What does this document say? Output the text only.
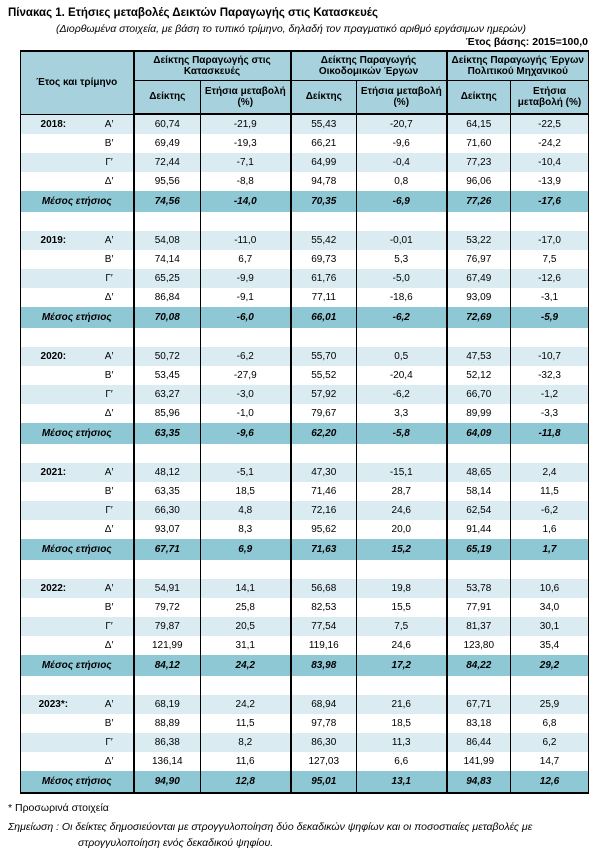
Πίνακας 1. Ετήσιες μεταβολές Δεικτών Παραγωγής στις Κατασκευές
(Διορθωμένα στοιχεία, με βάση το τυπικό τρίμηνο, δηλαδή τον πραγματικό αριθμό εργάσιμων ημερών)
Έτος βάσης: 2015=100,0
Έτος και τρίμηνο	Δείκτης Παραγωγής στις Κατασκευές		Δείκτης Παραγωγής Οικοδομικών Έργων		Δείκτης Παραγωγής Έργων Πολιτικού Μηχανικού	
	Δείκτης	Ετήσια μεταβολή (%)	Δείκτης	Ετήσια μεταβολή (%)	Δείκτης	Ετήσια μεταβολή (%)

2018: Α′	60,74	-21,9	55,43	-20,7	64,15	-22,5

Β′	69,49	-19,3	66,21	-9,6	71,60	-24,2

Γ′	72,44	-7,1	64,99	-0,4	77,23	-10,4

Δ′	95,56	-8,8	94,78	0,8	96,06	-13,9
Μέσος ετήσιος	74,56	-14,0	70,35	-6,9	77,26	-17,6

2019: Α′	54,08	-11,0	55,42	-0,01	53,22	-17,0

Β′	74,14	6,7	69,73	5,3	76,97	7,5

Γ′	65,25	-9,9	61,76	-5,0	67,49	-12,6

Δ′	86,84	-9,1	77,11	-18,6	93,09	-3,1
Μέσος ετήσιος	70,08	-6,0	66,01	-6,2	72,69	-5,9

2020: Α′	50,72	-6,2	55,70	0,5	47,53	-10,7

Β′	53,45	-27,9	55,52	-20,4	52,12	-32,3

Γ′	63,27	-3,0	57,92	-6,2	66,70	-1,2

Δ′	85,96	-1,0	79,67	3,3	89,99	-3,3
Μέσος ετήσιος	63,35	-9,6	62,20	-5,8	64,09	-11,8

2021: Α′	48,12	-5,1	47,30	-15,1	48,65	2,4

Β′	63,35	18,5	71,46	28,7	58,14	11,5

Γ′	66,30	4,8	72,16	24,6	62,54	-6,2

Δ′	93,07	8,3	95,62	20,0	91,44	1,6
Μέσος ετήσιος	67,71	6,9	71,63	15,2	65,19	1,7

2022: Α′	54,91	14,1	56,68	19,8	53,78	10,6

Β′	79,72	25,8	82,53	15,5	77,91	34,0

Γ′	79,87	20,5	77,54	7,5	81,37	30,1

Δ′	121,99	31,1	119,16	24,6	123,80	35,4
Μέσος ετήσιος	84,12	24,2	83,98	17,2	84,22	29,2

2023*: Α′	68,19	24,2	68,94	21,6	67,71	25,9

Β′	88,89	11,5	97,78	18,5	83,18	6,8

Γ′	86,38	8,2	86,30	11,3	86,44	6,2

Δ′	136,14	11,6	127,03	6,6	141,99	14,7
Μέσος ετήσιος	94,90	12,8	95,01	13,1	94,83	12,6
* Προσωρινά στοιχεία
Σημείωση : Οι δείκτες δημοσιεύονται με στρογγυλοποίηση δύο δεκαδικών ψηφίων και οι ποσοστιαίες μεταβολές με στρογγυλοποίηση ενός δεκαδικού ψηφίου.
